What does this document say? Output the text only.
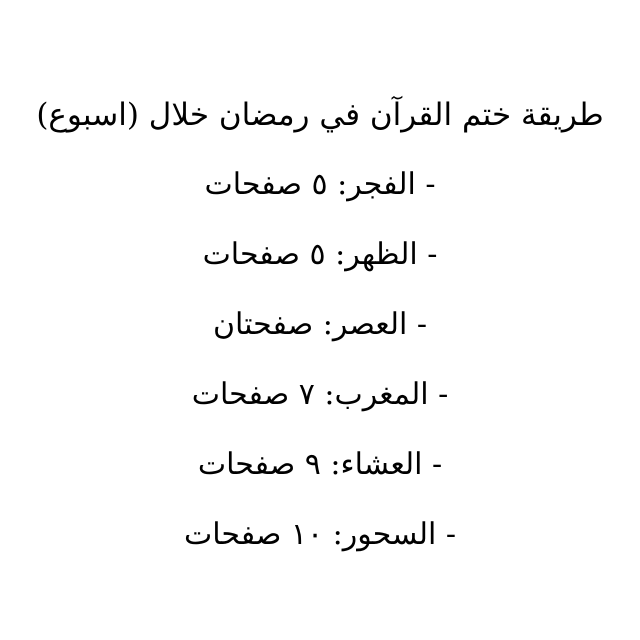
طريقة ختم القرآن في رمضان خلال (اسبوع)
- الفجر: ٥ صفحات
- الظهر: ٥ صفحات
- العصر: صفحتان
- المغرب: ٧ صفحات
- العشاء: ٩ صفحات
- السحور: ١٠ صفحات
